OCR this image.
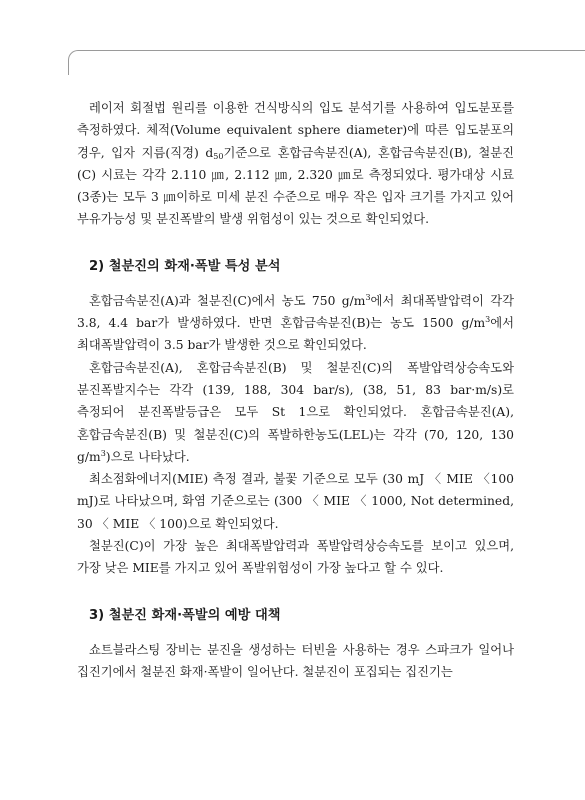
레이저 회절법 원리를 이용한 건식방식의 입도 분석기를 사용하여 입도분포를 측정하였다. 체적(Volume equivalent sphere diameter)에 따른 입도분포의 경우, 입자 지름(직경) $d_{50}$기준으로 혼합금속분진(A), 혼합금속분진(B), 철분진(C) 시료는 각각 2.110 ㎛, 2.112 ㎛, 2.320 ㎛로 측정되었다. 평가대상 시료(3종)는 모두 3 ㎛이하로 미세 분진 수준으로 매우 작은 입자 크기를 가지고 있어 부유가능성 및 분진폭발의 발생 위험성이 있는 것으로 확인되었다.

2) 철분진의 화재·폭발 특성 분석

혼합금속분진(A)과 철분진(C)에서 농도 750 $g/m^3$에서 최대폭발압력이 각각 3.8, 4.4 bar가 발생하였다. 반면 혼합금속분진(B)는 농도 1500 $g/m^3$에서 최대폭발압력이 3.5 bar가 발생한 것으로 확인되었다.

혼합금속분진(A), 혼합금속분진(B) 및 철분진(C)의 폭발압력상승속도와 분진폭발지수는 각각 (139, 188, 304 bar/s), (38, 51, 83 bar·m/s)로 측정되어 분진폭발등급은 모두 St 1으로 확인되었다. 혼합금속분진(A), 혼합금속분진(B) 및 철분진(C)의 폭발하한농도(LEL)는 각각 (70, 120, 130 $g/m^3$)으로 나타났다.

최소점화에너지(MIE) 측정 결과, 불꽃 기준으로 모두 (30 mJ 〈 MIE 〈100 mJ)로 나타났으며, 화염 기준으로는 (300 〈 MIE 〈 1000, Not determined, 30 〈 MIE 〈 100)으로 확인되었다.

철분진(C)이 가장 높은 최대폭발압력과 폭발압력상승속도를 보이고 있으며, 가장 낮은 MIE를 가지고 있어 폭발위험성이 가장 높다고 할 수 있다.

3) 철분진 화재·폭발의 예방 대책

쇼트블라스팅 장비는 분진을 생성하는 터빈을 사용하는 경우 스파크가 일어나 집진기에서 철분진 화재·폭발이 일어난다. 철분진이 포집되는 집진기는
